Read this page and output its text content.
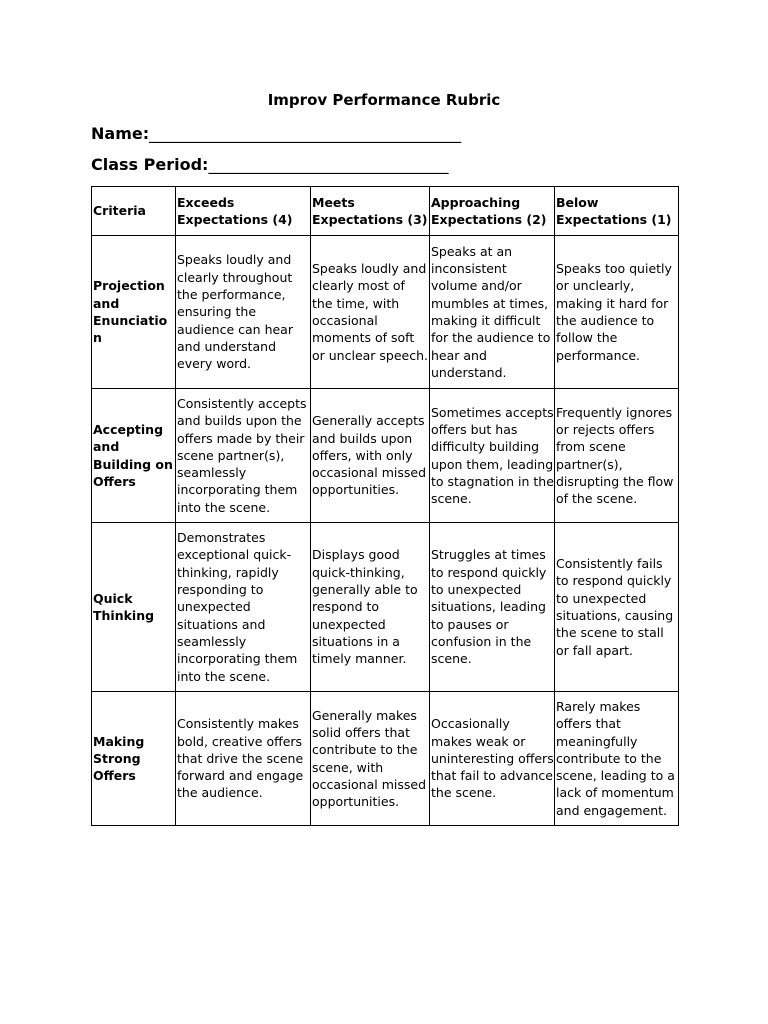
Improv Performance Rubric
Name:_______________________________________
Class Period:______________________________
Criteria	Exceeds Expectations (4)	Meets Expectations (3)	Approaching Expectations (2)	Below Expectations (1)
Projection and Enunciation	Speaks loudly and clearly throughout the performance, ensuring the audience can hear and understand every word.	Speaks loudly and clearly most of the time, with occasional moments of soft or unclear speech.	Speaks at an inconsistent volume and/or mumbles at times, making it difficult for the audience to hear and understand.	Speaks too quietly or unclearly, making it hard for the audience to follow the performance.
Accepting and Building on Offers	Consistently accepts and builds upon the offers made by their scene partner(s), seamlessly incorporating them into the scene.	Generally accepts and builds upon offers, with only occasional missed opportunities.	Sometimes accepts offers but has difficulty building upon them, leading to stagnation in the scene.	Frequently ignores or rejects offers from scene partner(s), disrupting the flow of the scene.
Quick Thinking	Demonstrates exceptional quick-thinking, rapidly responding to unexpected situations and seamlessly incorporating them into the scene.	Displays good quick-thinking, generally able to respond to unexpected situations in a timely manner.	Struggles at times to respond quickly to unexpected situations, leading to pauses or confusion in the scene.	Consistently fails to respond quickly to unexpected situations, causing the scene to stall or fall apart.
Making Strong Offers	Consistently makes bold, creative offers that drive the scene forward and engage the audience.	Generally makes solid offers that contribute to the scene, with occasional missed opportunities.	Occasionally makes weak or uninteresting offers that fail to advance the scene.	Rarely makes offers that meaningfully contribute to the scene, leading to a lack of momentum and engagement.
